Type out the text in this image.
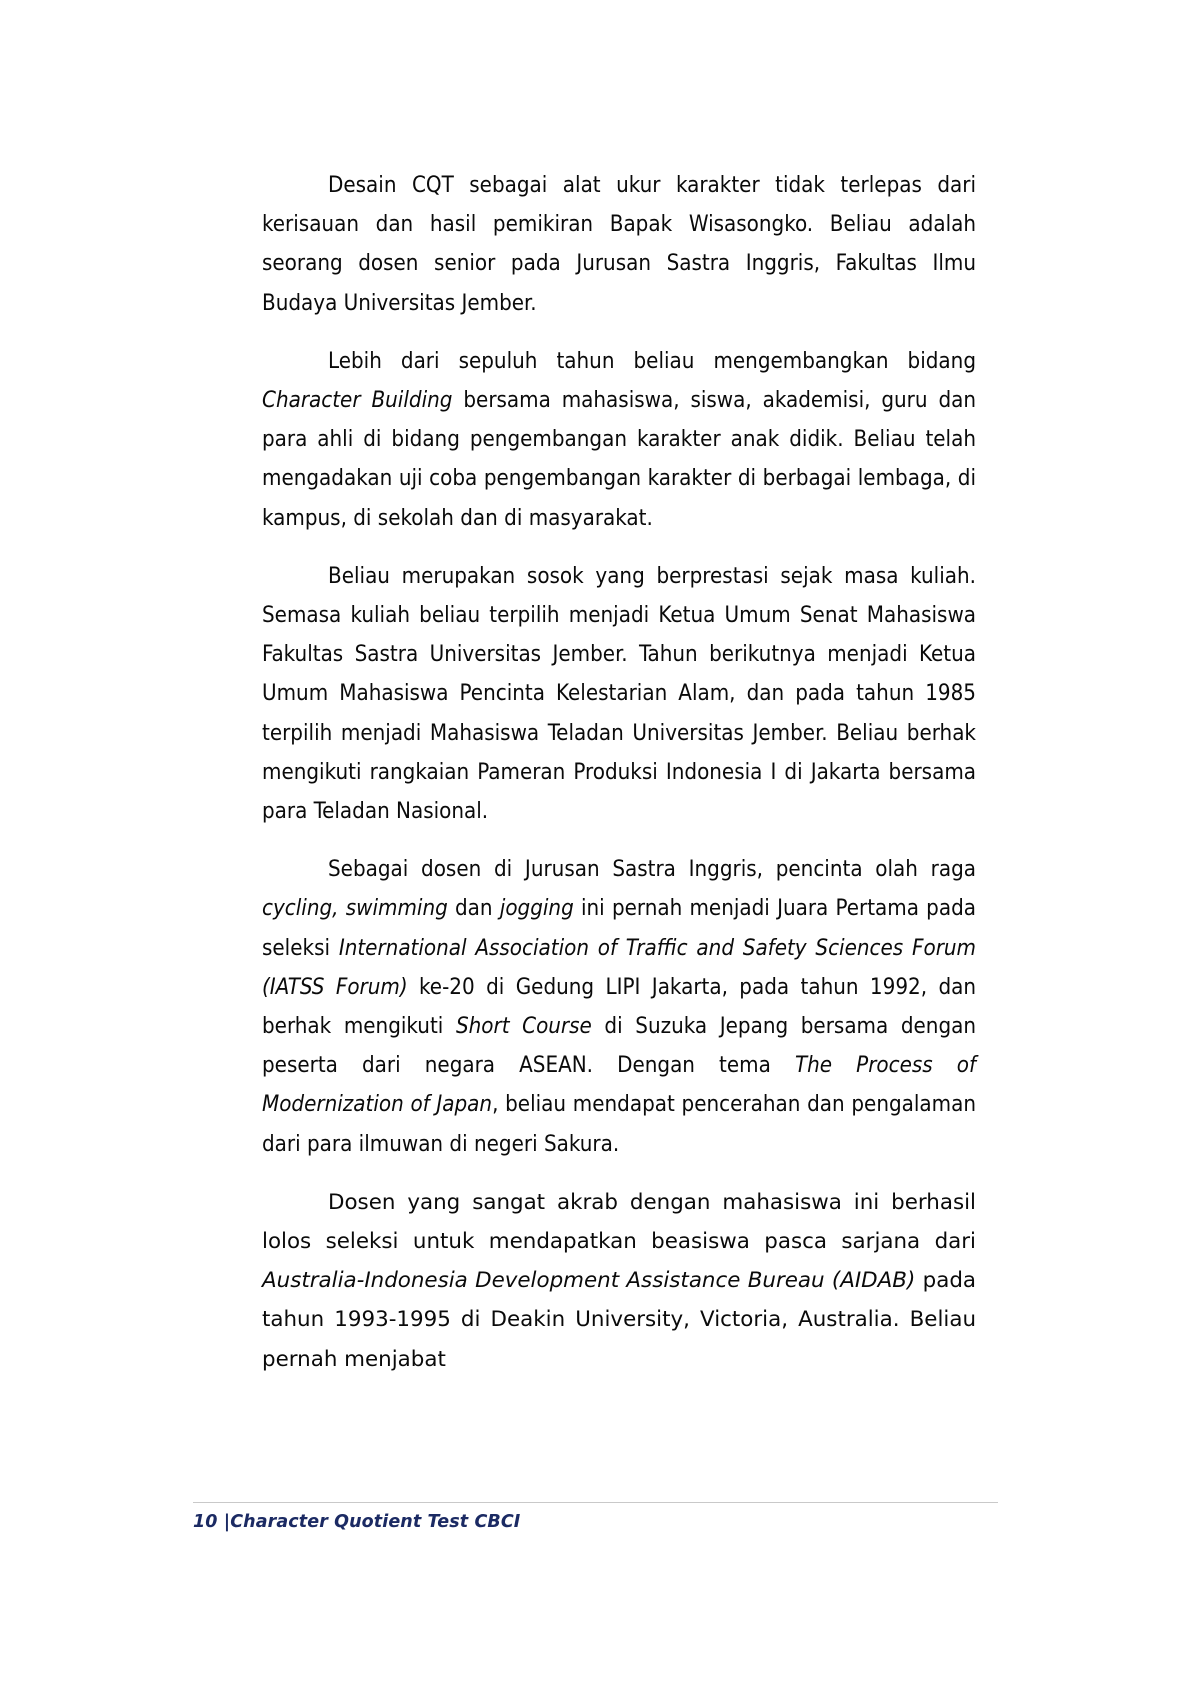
Desain CQT sebagai alat ukur karakter tidak terlepas dari kerisauan dan hasil pemikiran Bapak Wisasongko. Beliau adalah seorang dosen senior pada Jurusan Sastra Inggris, Fakultas Ilmu Budaya Universitas Jember.

Lebih dari sepuluh tahun beliau mengembangkan bidang Character Building bersama mahasiswa, siswa, akademisi, guru dan para ahli di bidang pengembangan karakter anak didik. Beliau telah mengadakan uji coba pengembangan karakter di berbagai lembaga, di kampus, di sekolah dan di masyarakat.

Beliau merupakan sosok yang berprestasi sejak masa kuliah. Semasa kuliah beliau terpilih menjadi Ketua Umum Senat Mahasiswa Fakultas Sastra Universitas Jember. Tahun berikutnya menjadi Ketua Umum Mahasiswa Pencinta Kelestarian Alam, dan pada tahun 1985 terpilih menjadi Mahasiswa Teladan Universitas Jember. Beliau berhak mengikuti rangkaian Pameran Produksi Indonesia I di Jakarta bersama para Teladan Nasional.

Sebagai dosen di Jurusan Sastra Inggris, pencinta olah raga cycling, swimming dan jogging ini pernah menjadi Juara Pertama pada seleksi International Association of Traffic and Safety Sciences Forum (IATSS Forum) ke-20 di Gedung LIPI Jakarta, pada tahun 1992, dan berhak mengikuti Short Course di Suzuka Jepang bersama dengan peserta dari negara ASEAN. Dengan tema The Process of Modernization of Japan, beliau mendapat pencerahan dan pengalaman dari para ilmuwan di negeri Sakura.

Dosen yang sangat akrab dengan mahasiswa ini berhasil lolos seleksi untuk mendapatkan beasiswa pasca sarjana dari Australia-Indonesia Development Assistance Bureau (AIDAB) pada tahun 1993-1995 di Deakin University, Victoria, Australia. Beliau pernah menjabat

10 |Character Quotient Test CBCI
